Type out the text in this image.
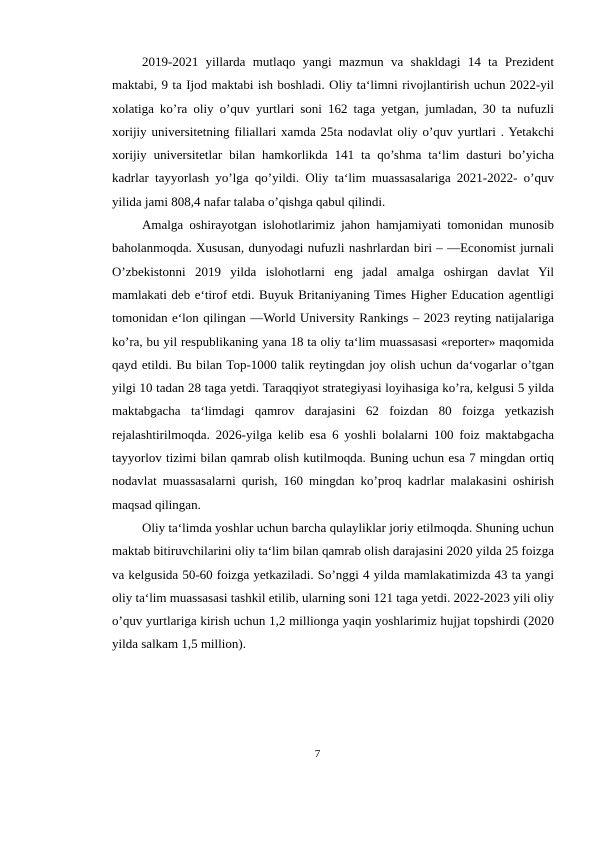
2019-2021 yillarda mutlaqo yangi mazmun va shakldagi 14 ta Prezident maktabi, 9 ta Ijod maktabi ish boshladi. Oliy ta‘limni rivojlantirish uchun 2022-yil xolatiga ko’ra oliy o’quv yurtlari soni 162 taga yetgan, jumladan, 30 ta nufuzli xorijiy universitetning filiallari xamda 25ta nodavlat oliy o’quv yurtlari . Yetakchi xorijiy universitetlar bilan hamkorlikda 141 ta qo’shma ta‘lim dasturi bo’yicha kadrlar tayyorlash yo’lga qo’yildi. Oliy ta‘lim muassasalariga 2021-2022- o’quv yilida jami 808,4 nafar talaba o’qishga qabul qilindi.

Amalga oshirayotgan islohotlarimiz jahon hamjamiyati tomonidan munosib baholanmoqda. Xususan, dunyodagi nufuzli nashrlardan biri – ―Economist jurnali O’zbekistonni 2019 yilda islohotlarni eng jadal amalga oshirgan davlat Yil mamlakati deb e‘tirof etdi. Buyuk Britaniyaning Times Higher Education agentligi tomonidan e‘lon qilingan ―World University Rankings – 2023 reyting natijalariga ko’ra, bu yil respublikaning yana 18 ta oliy ta‘lim muassasasi «reporter» maqomida qayd etildi. Bu bilan Top-1000 talik reytingdan joy olish uchun da‘vogarlar o’tgan yilgi 10 tadan 28 taga yetdi. Taraqqiyot strategiyasi loyihasiga ko’ra, kelgusi 5 yilda maktabgacha ta‘limdagi qamrov darajasini 62 foizdan 80 foizga yetkazish rejalashtirilmoqda. 2026-yilga kelib esa 6 yoshli bolalarni 100 foiz maktabgacha tayyorlov tizimi bilan qamrab olish kutilmoqda. Buning uchun esa 7 mingdan ortiq nodavlat muassasalarni qurish, 160 mingdan ko’proq kadrlar malakasini oshirish maqsad qilingan.

Oliy ta‘limda yoshlar uchun barcha qulayliklar joriy etilmoqda. Shuning uchun maktab bitiruvchilarini oliy ta‘lim bilan qamrab olish darajasini 2020 yilda 25 foizga va kelgusida 50-60 foizga yetkaziladi. So’nggi 4 yilda mamlakatimizda 43 ta yangi oliy ta‘lim muassasasi tashkil etilib, ularning soni 121 taga yetdi. 2022-2023 yili oliy o’quv yurtlariga kirish uchun 1,2 millionga yaqin yoshlarimiz hujjat topshirdi (2020 yilda salkam 1,5 million).

7
